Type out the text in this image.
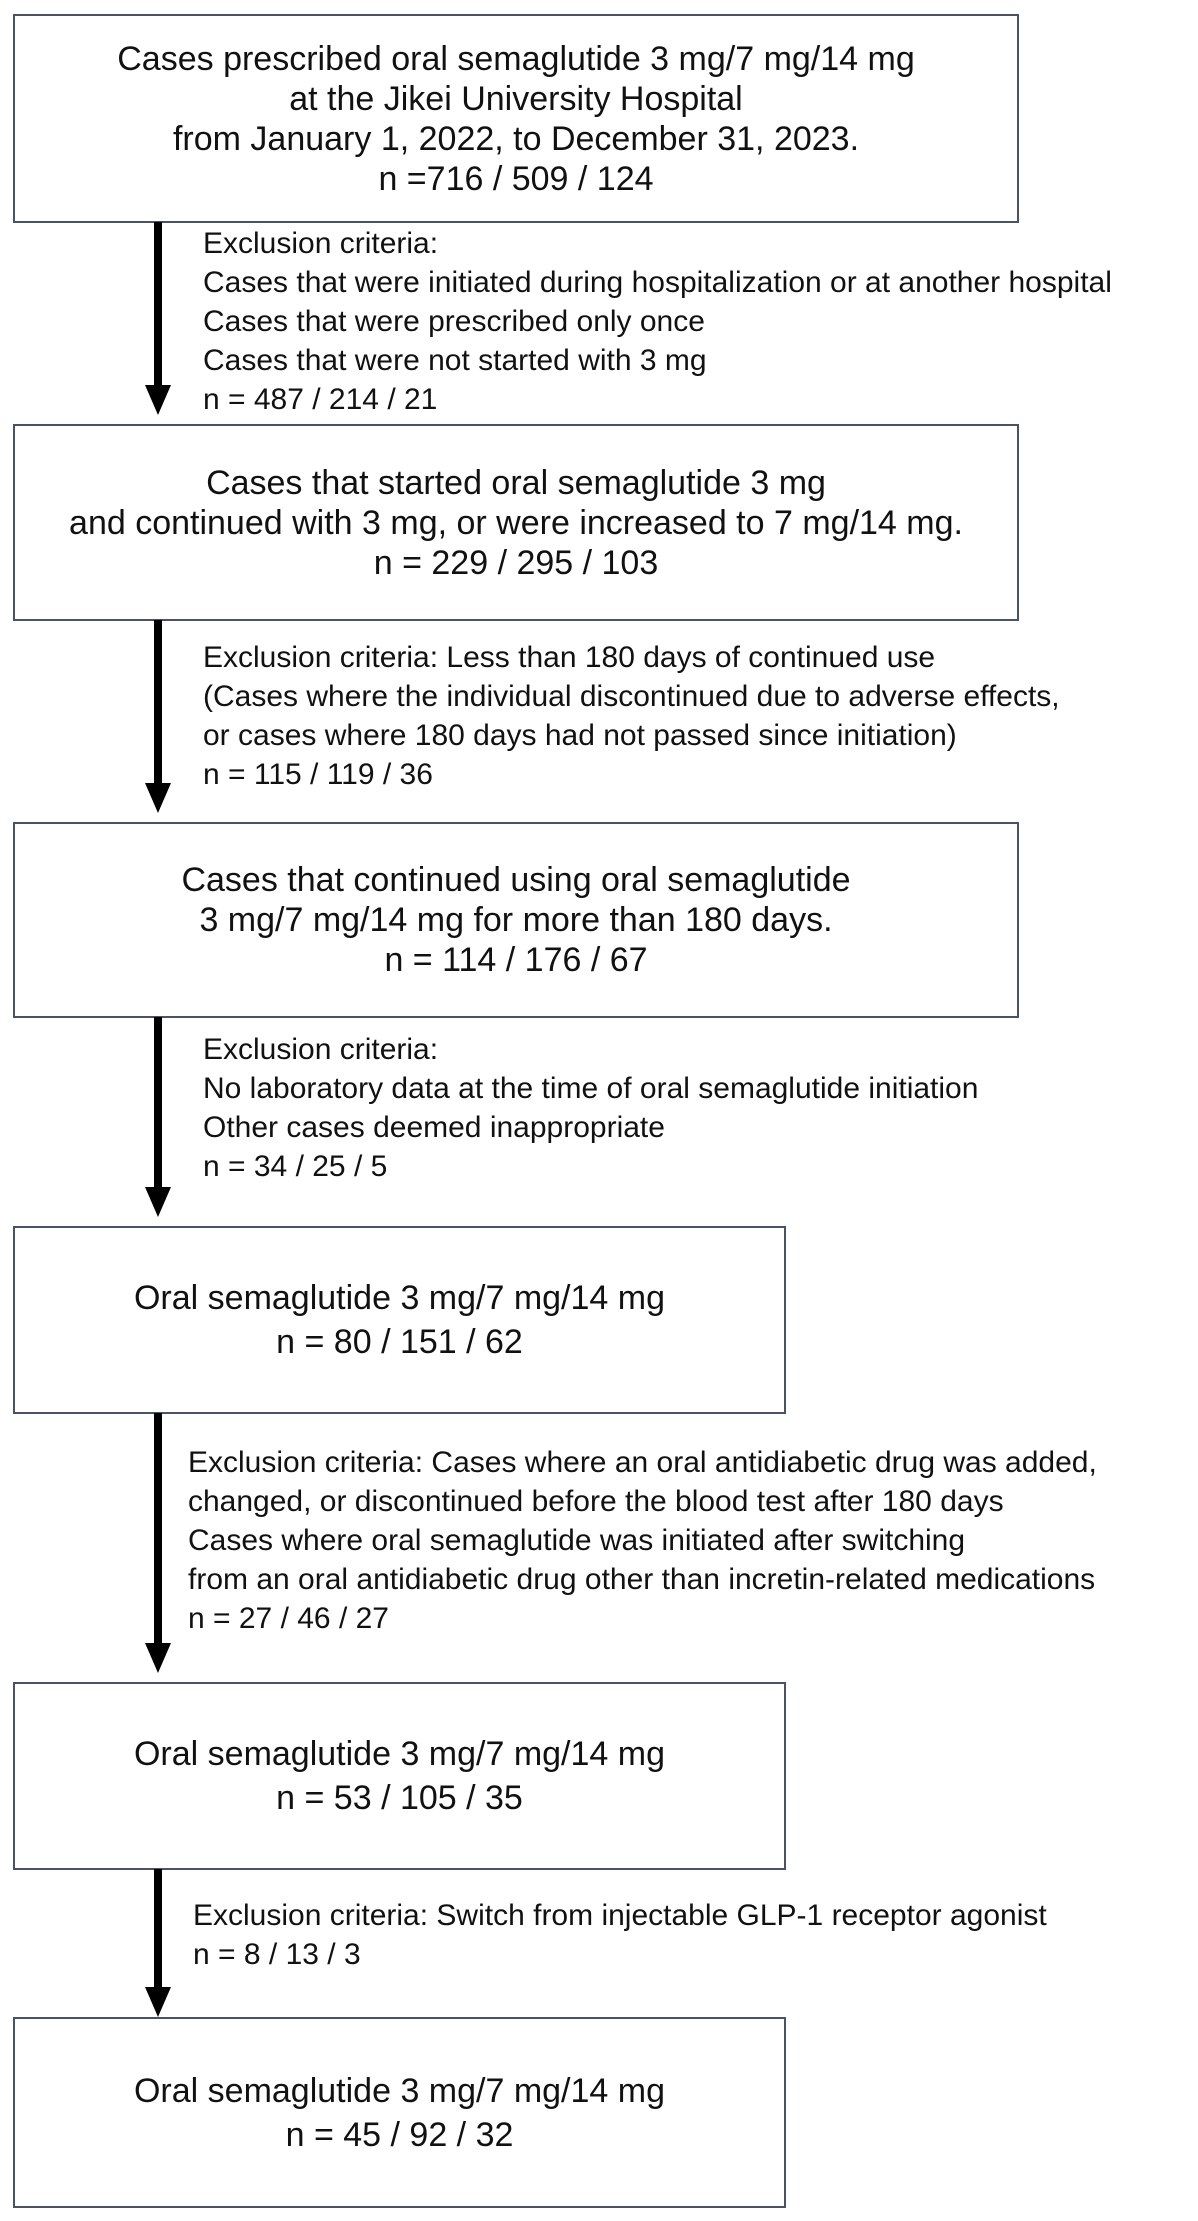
Cases prescribed oral semaglutide 3 mg/7 mg/14 mg
at the Jikei University Hospital
from January 1, 2022, to December 31, 2023.
n =716 / 509 / 124
Exclusion criteria:
Cases that were initiated during hospitalization or at another hospital
Cases that were prescribed only once
Cases that were not started with 3 mg
n = 487 / 214 / 21
Cases that started oral semaglutide 3 mg
and continued with 3 mg, or were increased to 7 mg/14 mg.
n = 229 / 295 / 103
Exclusion criteria: Less than 180 days of continued use
(Cases where the individual discontinued due to adverse effects,
or cases where 180 days had not passed since initiation)
n = 115 / 119 / 36
Cases that continued using oral semaglutide
3 mg/7 mg/14 mg for more than 180 days.
n = 114 / 176 / 67
Exclusion criteria:
No laboratory data at the time of oral semaglutide initiation
Other cases deemed inappropriate
n = 34 / 25 / 5
Oral semaglutide 3 mg/7 mg/14 mg
n = 80 / 151 / 62
Exclusion criteria: Cases where an oral antidiabetic drug was added,
changed, or discontinued before the blood test after 180 days
Cases where oral semaglutide was initiated after switching
from an oral antidiabetic drug other than incretin-related medications
n = 27 / 46 / 27
Oral semaglutide 3 mg/7 mg/14 mg
n = 53 / 105 / 35
Exclusion criteria: Switch from injectable GLP-1 receptor agonist
n = 8 / 13 / 3
Oral semaglutide 3 mg/7 mg/14 mg
n = 45 / 92 / 32
